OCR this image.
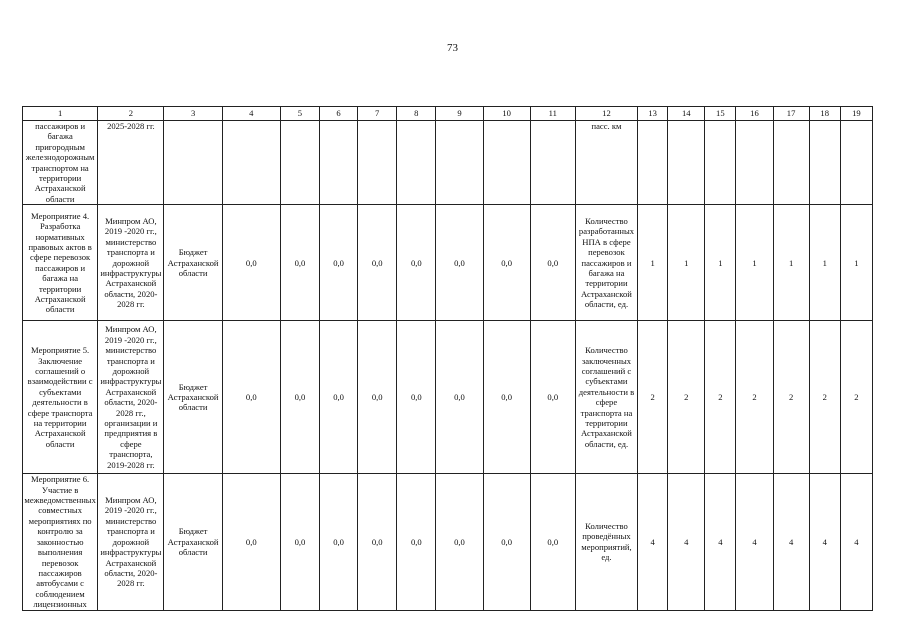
73
1	2	3	4	5	6	7	8	9	10	11	12	13	14	15	16	17	18	19
пассажиров и багажа пригородным железнодорожным транспортом на территории Астраханской области	2025-2028 гг.										пасс. км							
Мероприятие 4. Разработка нормативных правовых актов в сфере перевозок пассажиров и багажа на территории Астраханской области	Минпром АО, 2019 -2020 гг., министерство транспорта и дорожной инфраструктуры Астраханской области, 2020-2028 гг.	Бюджет Астраханской области	0,0	0,0	0,0	0,0	0,0	0,0	0,0	0,0	Количество разработанных НПА в сфере перевозок пассажиров и багажа на территории Астраханской области, ед.	1	1	1	1	1	1	1
Мероприятие 5. Заключение соглашений о взаимодействии с субъектами деятельности в сфере транспорта на территории Астраханской области	Минпром АО, 2019 -2020 гг., министерство транспорта и дорожной инфраструктуры Астраханской области, 2020-2028 гг., организации и предприятия в сфере транспорта, 2019-2028 гг.	Бюджет Астраханской области	0,0	0,0	0,0	0,0	0,0	0,0	0,0	0,0	Количество заключенных соглашений с субъектами деятельности в сфере транспорта на территории Астраханской области, ед.	2	2	2	2	2	2	2
Мероприятие 6. Участие в межведомственных совместных мероприятиях по контролю за законностью выполнения перевозок пассажиров автобусами с соблюдением лицензионных	Минпром АО, 2019 -2020 гг., министерство транспорта и дорожной инфраструктуры Астраханской области, 2020-2028 гг.	Бюджет Астраханской области	0,0	0,0	0,0	0,0	0,0	0,0	0,0	0,0	Количество проведённых мероприятий, ед.	4	4	4	4	4	4	4
